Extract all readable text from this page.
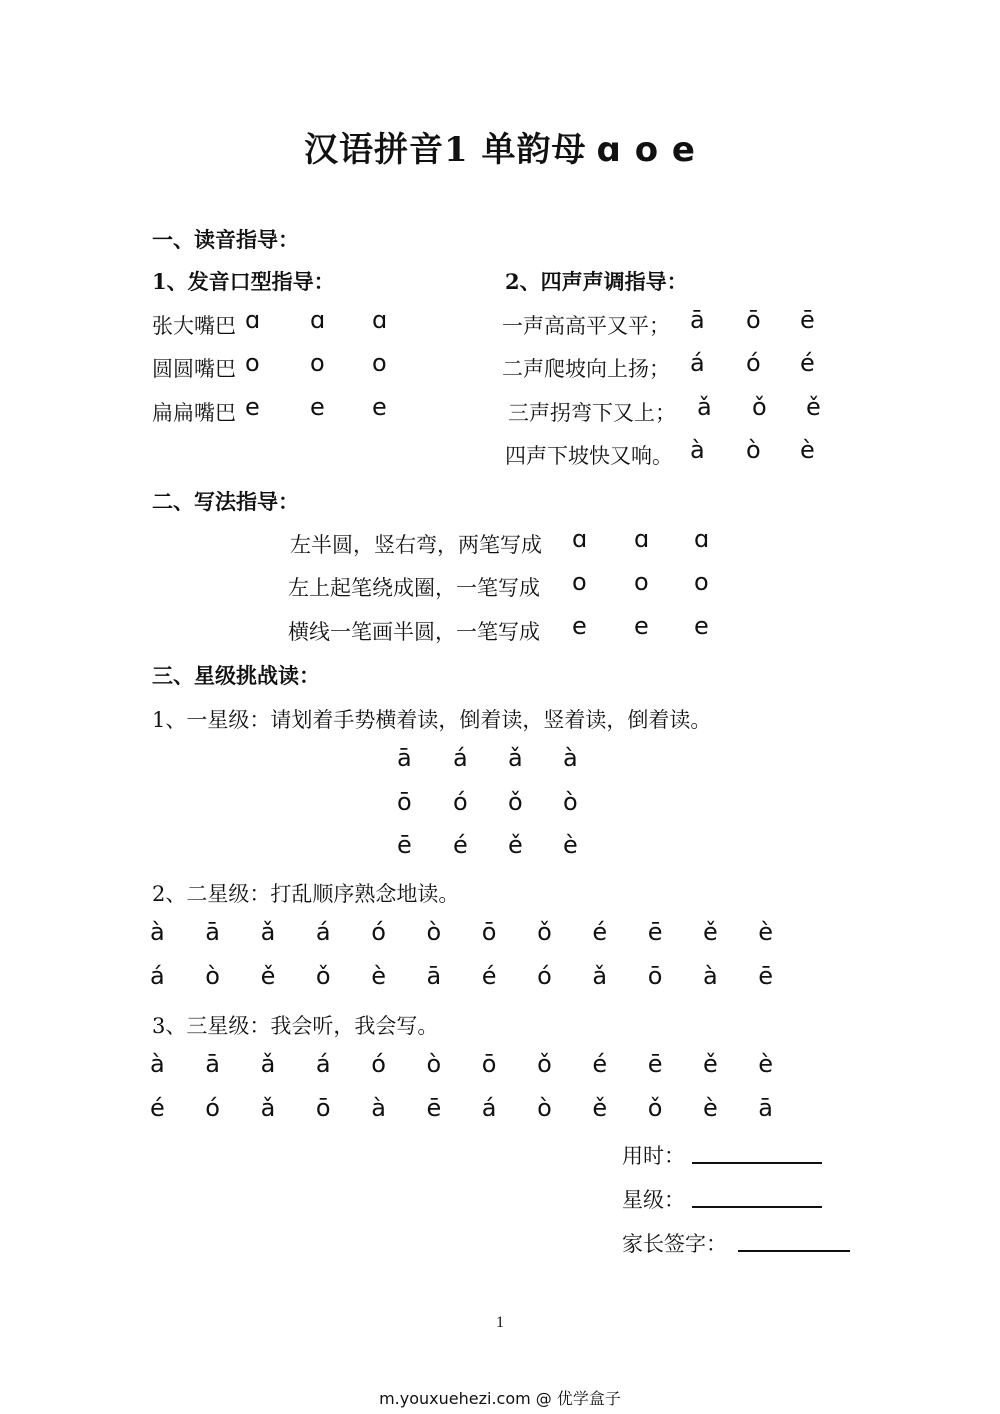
汉语拼音1 单韵母 ɑ o e
一、读音指导：
1、发音口型指导：	2、四声声调指导：
张大嘴巴 ɑ ɑ ɑ
圆圆嘴巴 o o o
扁扁嘴巴 e e e
一声高高平又平； ā ō ē
二声爬坡向上扬； á ó é
三声拐弯下又上； ǎ ǒ ě
四声下坡快又响。 à ò è
二、写法指导：
左半圆，竖右弯，两笔写成 ɑ ɑ ɑ
左上起笔绕成圈，一笔写成 o o o
横线一笔画半圆，一笔写成 e e e
三、星级挑战读：
1、一星级：请划着手势横着读，倒着读，竖着读，倒着读。
ā á ǎ à
ō ó ǒ ò
ē é ě è
2、二星级：打乱顺序熟念地读。
à ā ǎ á ó ò ō ǒ é ē ě è
á ò ě ǒ è ā é ó ǎ ō à ē
3、三星级：我会听，我会写。
à ā ǎ á ó ò ō ǒ é ē ě è
é ó ǎ ō à ē á ò ě ǒ è ā
用时：
星级：
家长签字：
1
m.youxuehezi.com @ 优学盒子
